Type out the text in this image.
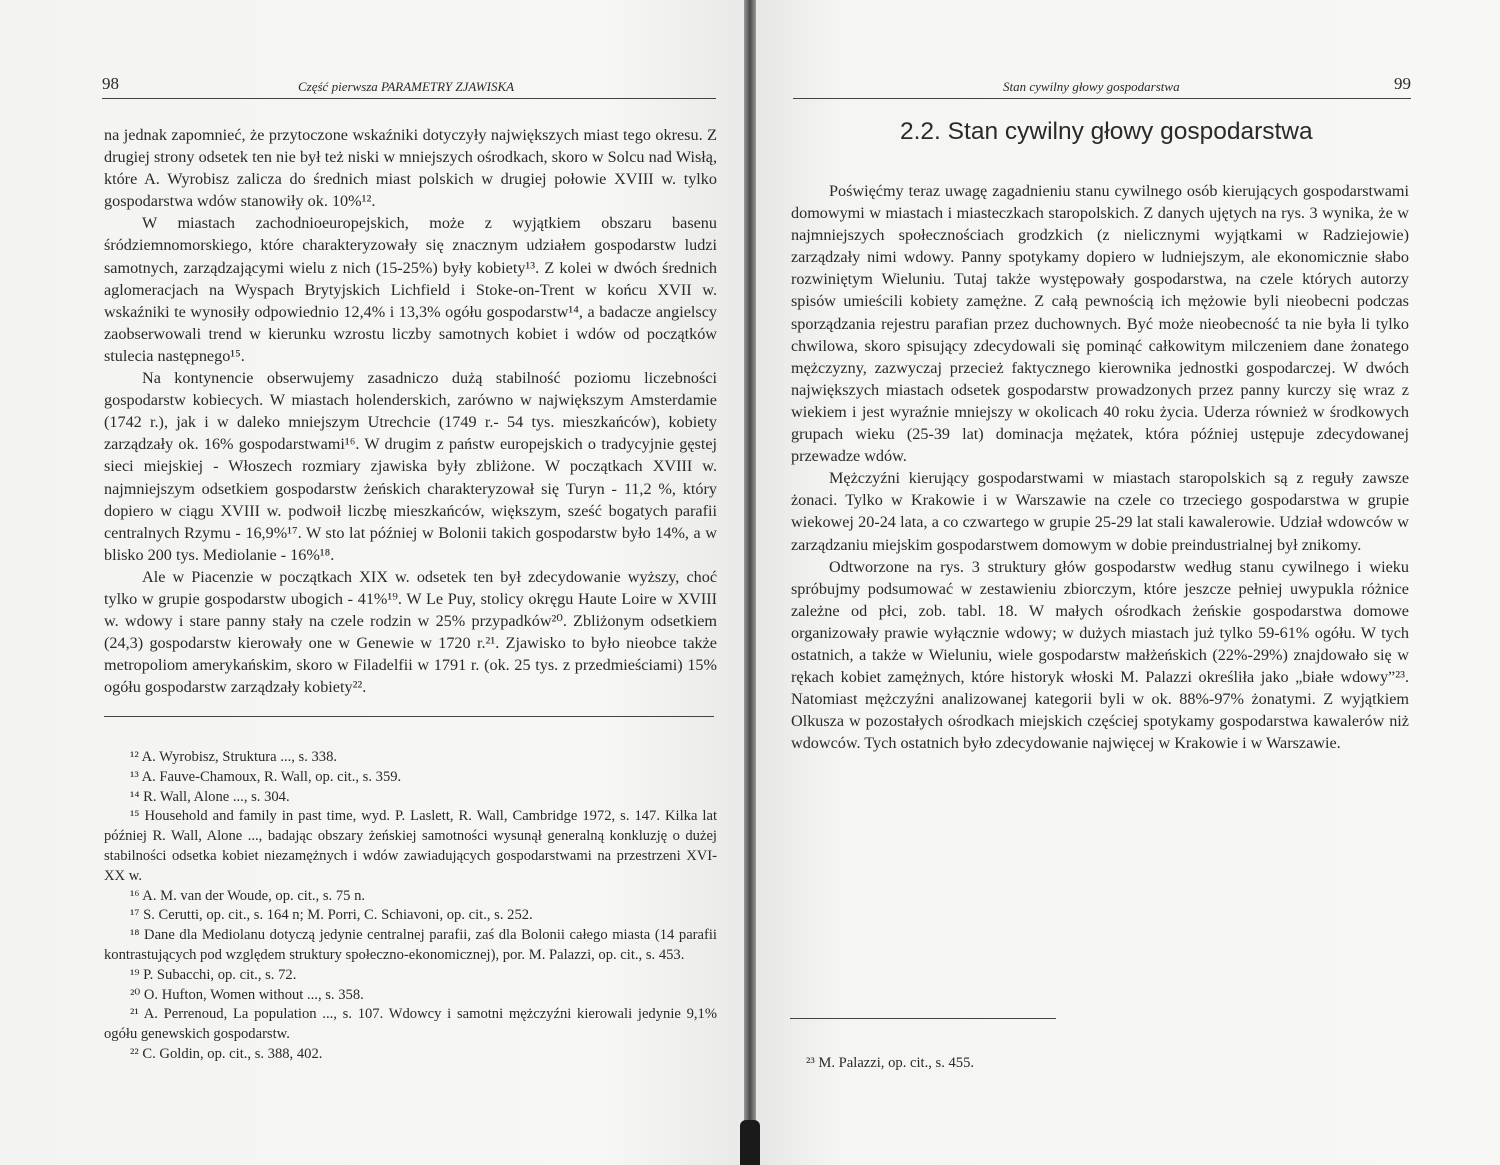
98	Część pierwsza PARAMETRY ZJAWISKA

na jednak zapomnieć, że przytoczone wskaźniki dotyczyły największych miast tego okresu. Z drugiej strony odsetek ten nie był też niski w mniejszych ośrodkach, skoro w Solcu nad Wisłą, które A. Wyrobisz zalicza do średnich miast polskich w drugiej połowie XVIII w. tylko gospodarstwa wdów stanowiły ok. 10%¹².

W miastach zachodnioeuropejskich, może z wyjątkiem obszaru basenu śródziemnomorskiego, które charakteryzowały się znacznym udziałem gospodarstw ludzi samotnych, zarządzającymi wielu z nich (15-25%) były kobiety¹³. Z kolei w dwóch średnich aglomeracjach na Wyspach Brytyjskich Lichfield i Stoke-on-Trent w końcu XVII w. wskaźniki te wynosiły odpowiednio 12,4% i 13,3% ogółu gospodarstw¹⁴, a badacze angielscy zaobserwowali trend w kierunku wzrostu liczby samotnych kobiet i wdów od początków stulecia następnego¹⁵.

Na kontynencie obserwujemy zasadniczo dużą stabilność poziomu liczebności gospodarstw kobiecych. W miastach holenderskich, zarówno w największym Amsterdamie (1742 r.), jak i w daleko mniejszym Utrechcie (1749 r.- 54 tys. mieszkańców), kobiety zarządzały ok. 16% gospodarstwami¹⁶. W drugim z państw europejskich o tradycyjnie gęstej sieci miejskiej - Włoszech rozmiary zjawiska były zbliżone. W początkach XVIII w. najmniejszym odsetkiem gospodarstw żeńskich charakteryzował się Turyn - 11,2 %, który dopiero w ciągu XVIII w. podwoił liczbę mieszkańców, większym, sześć bogatych parafii centralnych Rzymu - 16,9%¹⁷. W sto lat później w Bolonii takich gospodarstw było 14%, a w blisko 200 tys. Mediolanie - 16%¹⁸.

Ale w Piacenzie w początkach XIX w. odsetek ten był zdecydowanie wyższy, choć tylko w grupie gospodarstw ubogich - 41%¹⁹. W Le Puy, stolicy okręgu Haute Loire w XVIII w. wdowy i stare panny stały na czele rodzin w 25% przypadków²⁰. Zbliżonym odsetkiem (24,3) gospodarstw kierowały one w Genewie w 1720 r.²¹. Zjawisko to było nieobce także metropoliom amerykańskim, skoro w Filadelfii w 1791 r. (ok. 25 tys. z przedmieściami) 15% ogółu gospodarstw zarządzały kobiety²².

¹² A. Wyrobisz, Struktura ..., s. 338.

¹³ A. Fauve-Chamoux, R. Wall, op. cit., s. 359.

¹⁴ R. Wall, Alone ..., s. 304.

¹⁵ Household and family in past time, wyd. P. Laslett, R. Wall, Cambridge 1972, s. 147. Kilka lat później R. Wall, Alone ..., badając obszary żeńskiej samotności wysunął generalną konkluzję o dużej stabilności odsetka kobiet niezamężnych i wdów zawiadujących gospodarstwami na przestrzeni XVI-XX w.

¹⁶ A. M. van der Woude, op. cit., s. 75 n.

¹⁷ S. Cerutti, op. cit., s. 164 n; M. Porri, C. Schiavoni, op. cit., s. 252.

¹⁸ Dane dla Mediolanu dotyczą jedynie centralnej parafii, zaś dla Bolonii całego miasta (14 parafii kontrastujących pod względem struktury społeczno-ekonomicznej), por. M. Palazzi, op. cit., s. 453.

¹⁹ P. Subacchi, op. cit., s. 72.

²⁰ O. Hufton, Women without ..., s. 358.

²¹ A. Perrenoud, La population ..., s. 107. Wdowcy i samotni mężczyźni kierowali jedynie 9,1% ogółu genewskich gospodarstw.

²² C. Goldin, op. cit., s. 388, 402.

Stan cywilny głowy gospodarstwa	99
2.2. Stan cywilny głowy gospodarstwa

Poświęćmy teraz uwagę zagadnieniu stanu cywilnego osób kierujących gospodarstwami domowymi w miastach i miasteczkach staropolskich. Z danych ujętych na rys. 3 wynika, że w najmniejszych społecznościach grodzkich (z nielicznymi wyjątkami w Radziejowie) zarządzały nimi wdowy. Panny spotykamy dopiero w ludniejszym, ale ekonomicznie słabo rozwiniętym Wieluniu. Tutaj także występowały gospodarstwa, na czele których autorzy spisów umieścili kobiety zamężne. Z całą pewnością ich mężowie byli nieobecni podczas sporządzania rejestru parafian przez duchownych. Być może nieobecność ta nie była li tylko chwilowa, skoro spisujący zdecydowali się pominąć całkowitym milczeniem dane żonatego mężczyzny, zazwyczaj przecież faktycznego kierownika jednostki gospodarczej. W dwóch największych miastach odsetek gospodarstw prowadzonych przez panny kurczy się wraz z wiekiem i jest wyraźnie mniejszy w okolicach 40 roku życia. Uderza również w środkowych grupach wieku (25-39 lat) dominacja mężatek, która później ustępuje zdecydowanej przewadze wdów.

Mężczyźni kierujący gospodarstwami w miastach staropolskich są z reguły zawsze żonaci. Tylko w Krakowie i w Warszawie na czele co trzeciego gospodarstwa w grupie wiekowej 20-24 lata, a co czwartego w grupie 25-29 lat stali kawalerowie. Udział wdowców w zarządzaniu miejskim gospodarstwem domowym w dobie preindustrialnej był znikomy.

Odtworzone na rys. 3 struktury głów gospodarstw według stanu cywilnego i wieku spróbujmy podsumować w zestawieniu zbiorczym, które jeszcze pełniej uwypukla różnice zależne od płci, zob. tabl. 18. W małych ośrodkach żeńskie gospodarstwa domowe organizowały prawie wyłącznie wdowy; w dużych miastach już tylko 59-61% ogółu. W tych ostatnich, a także w Wieluniu, wiele gospodarstw małżeńskich (22%-29%) znajdowało się w rękach kobiet zamężnych, które historyk włoski M. Palazzi określiła jako „białe wdowy”²³. Natomiast mężczyźni analizowanej kategorii byli w ok. 88%-97% żonatymi. Z wyjątkiem Olkusza w pozostałych ośrodkach miejskich częściej spotykamy gospodarstwa kawalerów niż wdowców. Tych ostatnich było zdecydowanie najwięcej w Krakowie i w Warszawie.

²³ M. Palazzi, op. cit., s. 455.
